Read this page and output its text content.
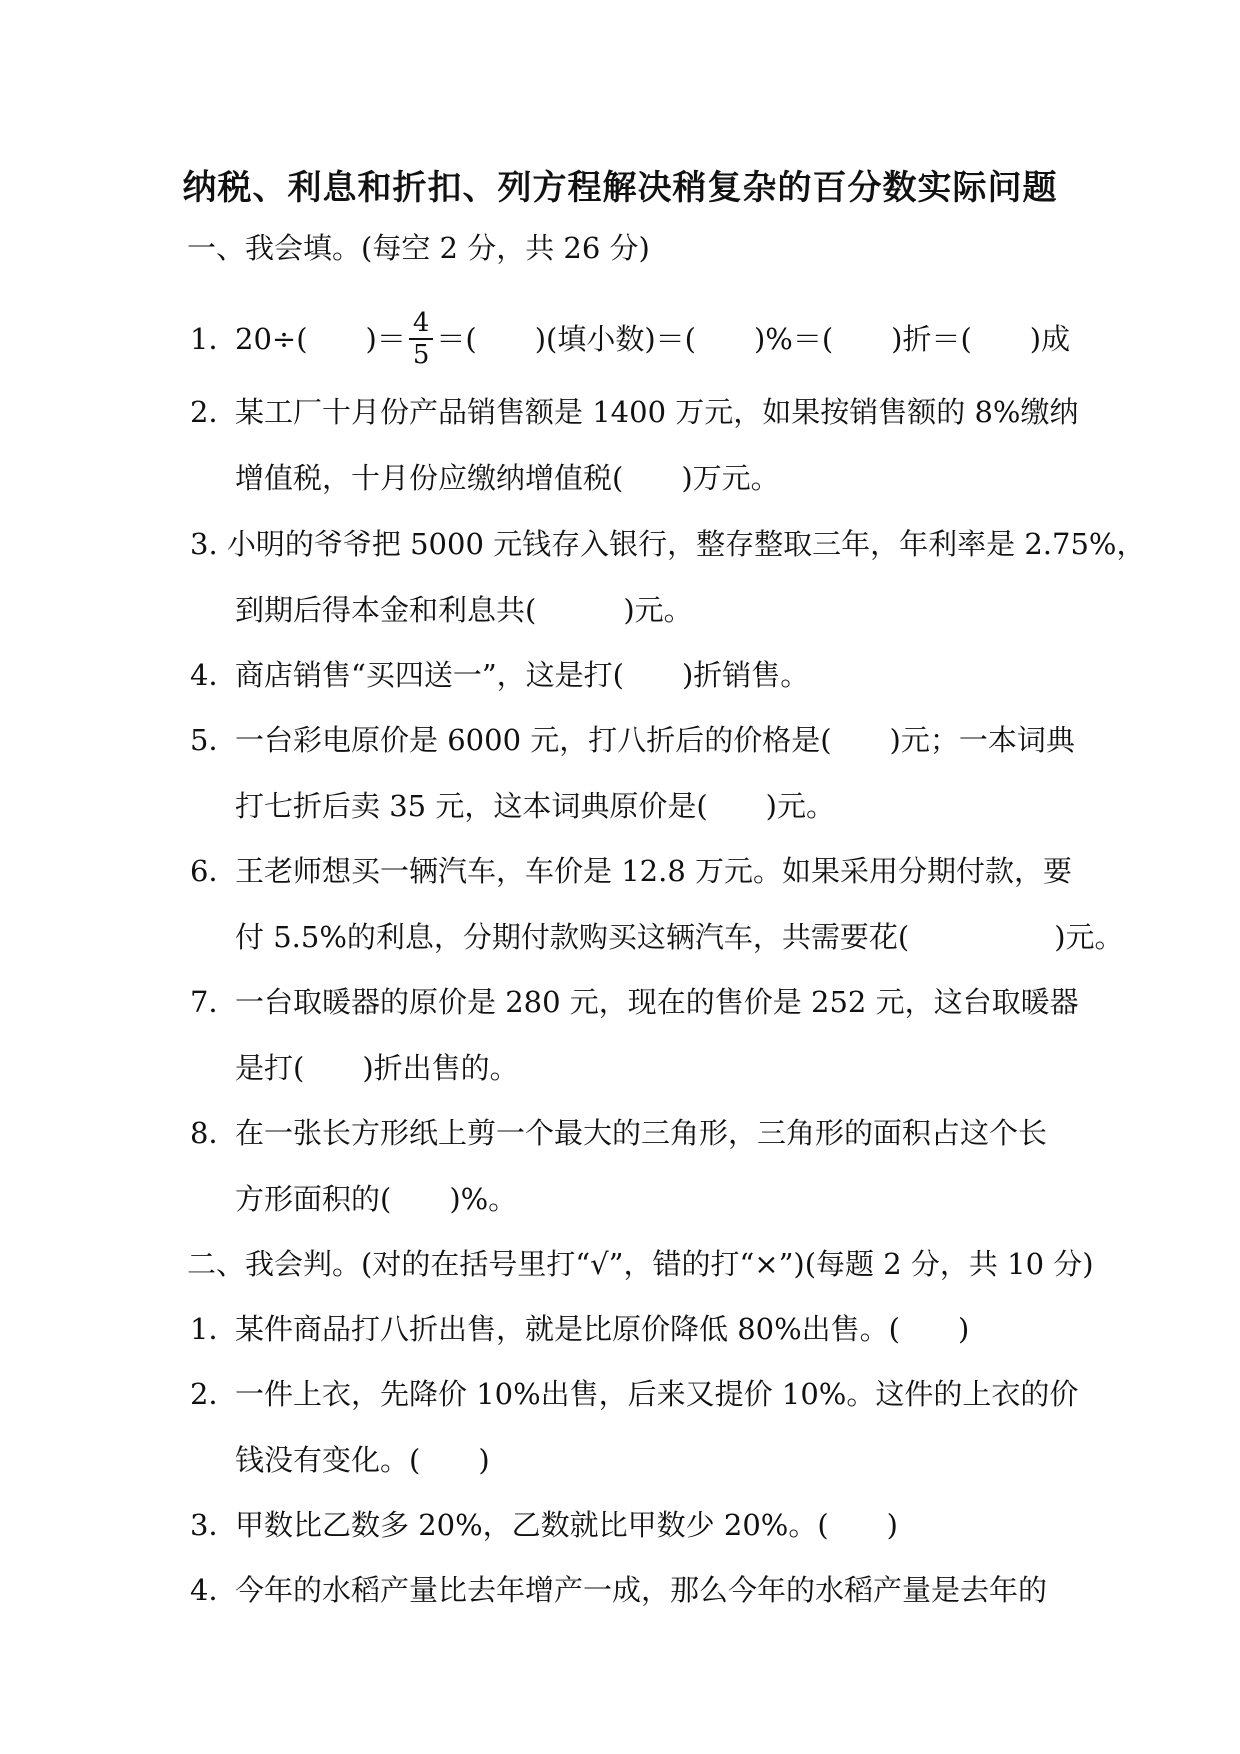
纳税、利息和折扣、列方程解决稍复杂的百分数实际问题
一、我会填。(每空 2 分，共 26 分)
1．20÷(　　)＝ $\frac{4}{5}$ ＝(　　)(填小数)＝(　　)%＝(　　)折＝(　　)成
2．某工厂十月份产品销售额是 1400 万元，如果按销售额的 8%缴纳
增值税，十月份应缴纳增值税(　　)万元。
3. 小明的爷爷把 5000 元钱存入银行，整存整取三年，年利率是 2.75%，
到期后得本金和利息共(　　　)元。
4．商店销售“买四送一”，这是打(　　)折销售。
5．一台彩电原价是 6000 元，打八折后的价格是(　　)元；一本词典
打七折后卖 35 元，这本词典原价是(　　)元。
6．王老师想买一辆汽车，车价是 12.8 万元。如果采用分期付款，要
付 5.5%的利息，分期付款购买这辆汽车，共需要花(　　　　　)元。
7．一台取暖器的原价是 280 元，现在的售价是 252 元，这台取暖器
是打(　　)折出售的。
8．在一张长方形纸上剪一个最大的三角形，三角形的面积占这个长
方形面积的(　　)%。
二、我会判。(对的在括号里打“√”，错的打“×”)(每题 2 分，共 10 分)
1．某件商品打八折出售，就是比原价降低 80%出售。(　　)
2．一件上衣，先降价 10%出售，后来又提价 10%。这件的上衣的价
钱没有变化。(　　)
3．甲数比乙数多 20%，乙数就比甲数少 20%。(　　)
4．今年的水稻产量比去年增产一成，那么今年的水稻产量是去年的
